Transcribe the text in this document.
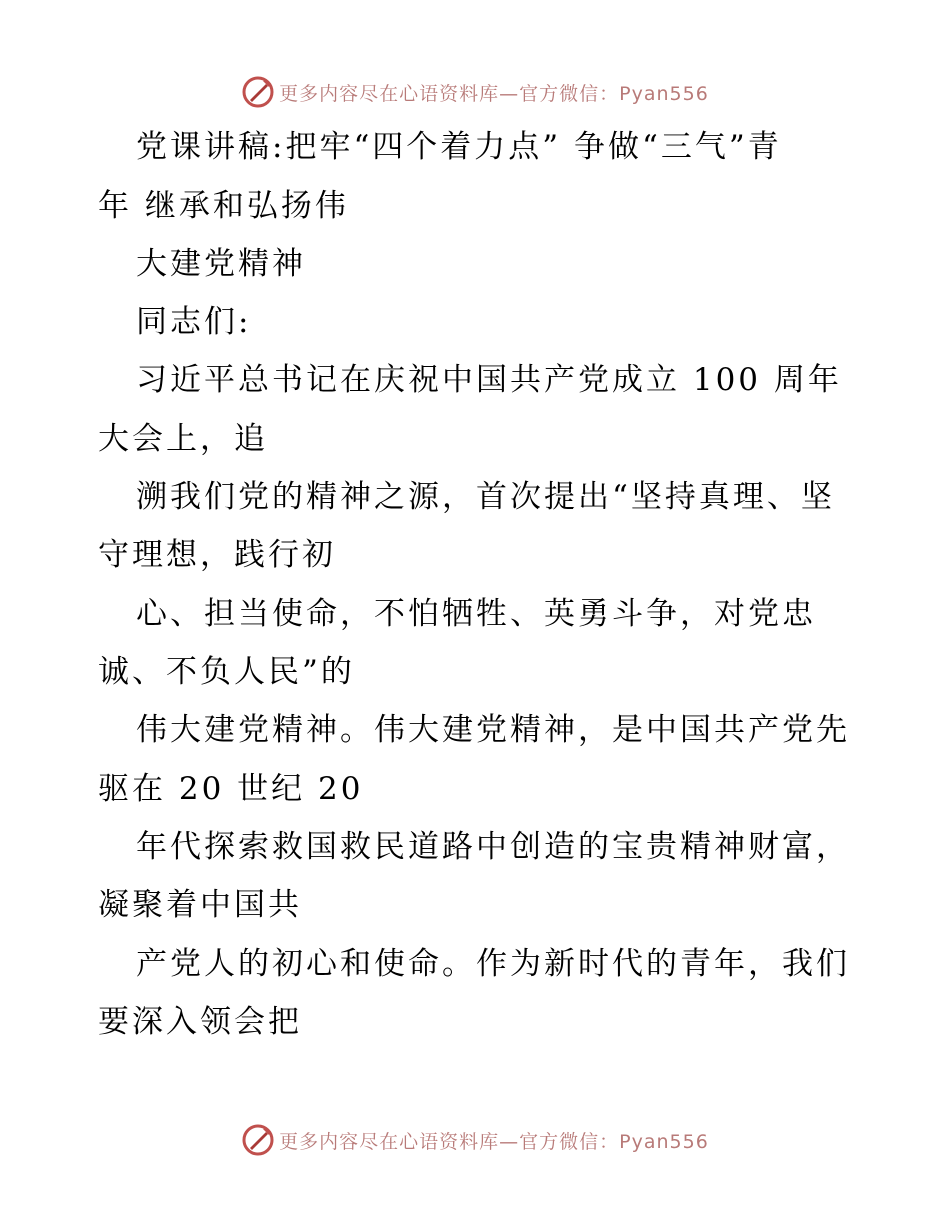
更多内容尽在心语资料库—官方微信：Pyan556
党课讲稿:把牢“四个着力点” 争做“三气”青
年 继承和弘扬伟
大建党精神
同志们:
习近平总书记在庆祝中国共产党成立 100 周年
大会上，追
溯我们党的精神之源，首次提出“坚持真理、坚
守理想，践行初
心、担当使命，不怕牺牲、英勇斗争，对党忠
诚、不负人民”的
伟大建党精神。伟大建党精神，是中国共产党先
驱在 20 世纪 20
年代探索救国救民道路中创造的宝贵精神财富，
凝聚着中国共
产党人的初心和使命。作为新时代的青年，我们
要深入领会把
更多内容尽在心语资料库—官方微信：Pyan556
